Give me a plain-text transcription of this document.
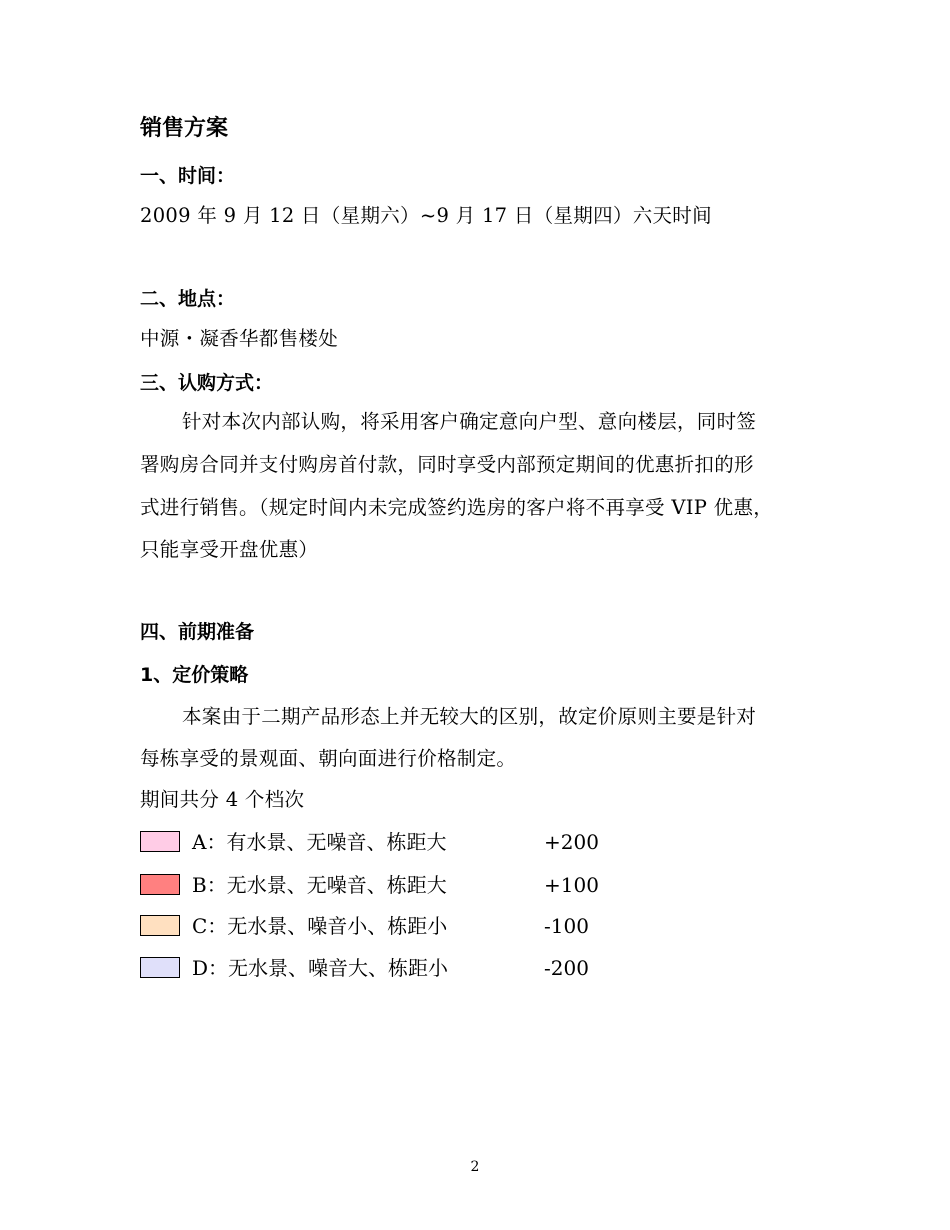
销售方案
一、时间：
2009 年 9 月 12 日（星期六）~9 月 17 日（星期四）六天时间
二、地点：
中源・凝香华都售楼处
三、认购方式：
针对本次内部认购，将采用客户确定意向户型、意向楼层，同时签
署购房合同并支付购房首付款，同时享受内部预定期间的优惠折扣的形
式进行销售。（规定时间内未完成签约选房的客户将不再享受 VIP 优惠，
只能享受开盘优惠）
四、前期准备
1、定价策略
本案由于二期产品形态上并无较大的区别，故定价原则主要是针对
每栋享受的景观面、朝向面进行价格制定。
期间共分 4 个档次
A：有水景、无噪音、栋距大	+200
B：无水景、无噪音、栋距大	+100
C：无水景、噪音小、栋距小	-100
D：无水景、噪音大、栋距小	-200
2
